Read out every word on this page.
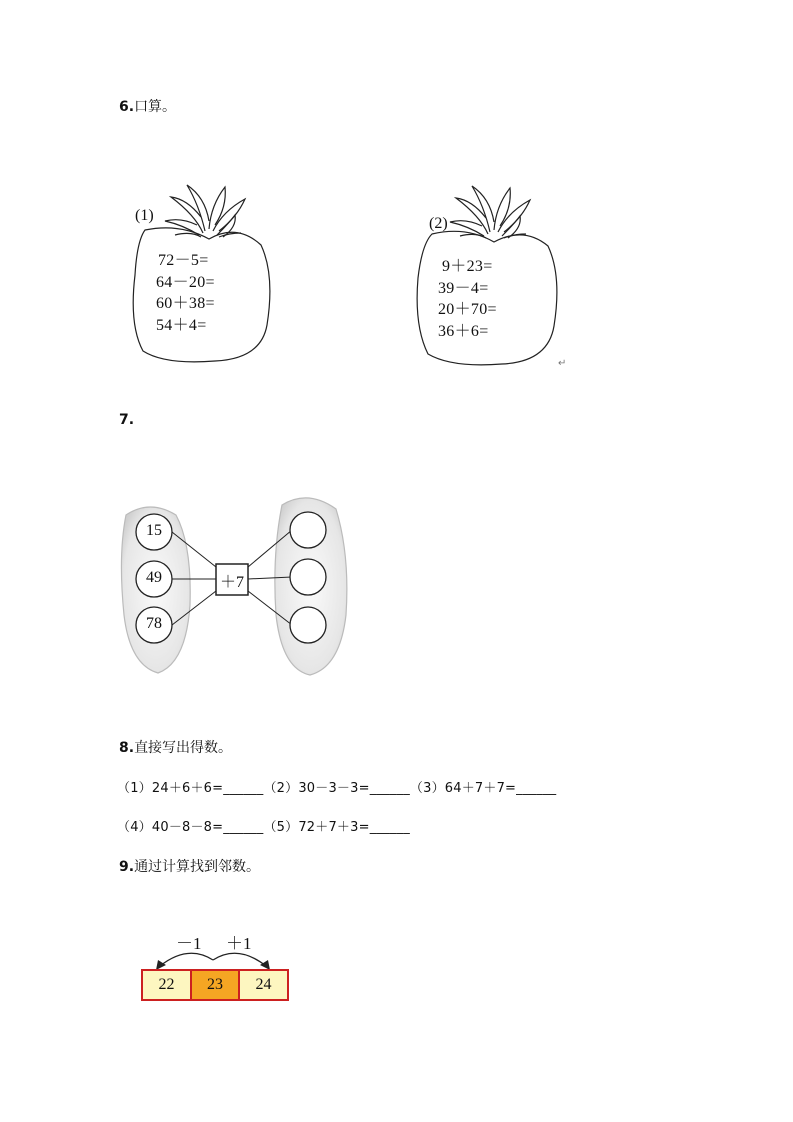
6.口算。
(1)
72－5=
64－20=
60＋38=
54＋4=
(2)
9＋23=
39－4=
20＋70=
36＋6=
↵
7.
15
49
78
＋7
8.直接写出得数。
（1）24＋6＋6=______（2）30－3－3=______（3）64＋7＋7=______
（4）40－8－8=______（5）72＋7＋3=______
9.通过计算找到邻数。
－1 ＋1
22	23	24
